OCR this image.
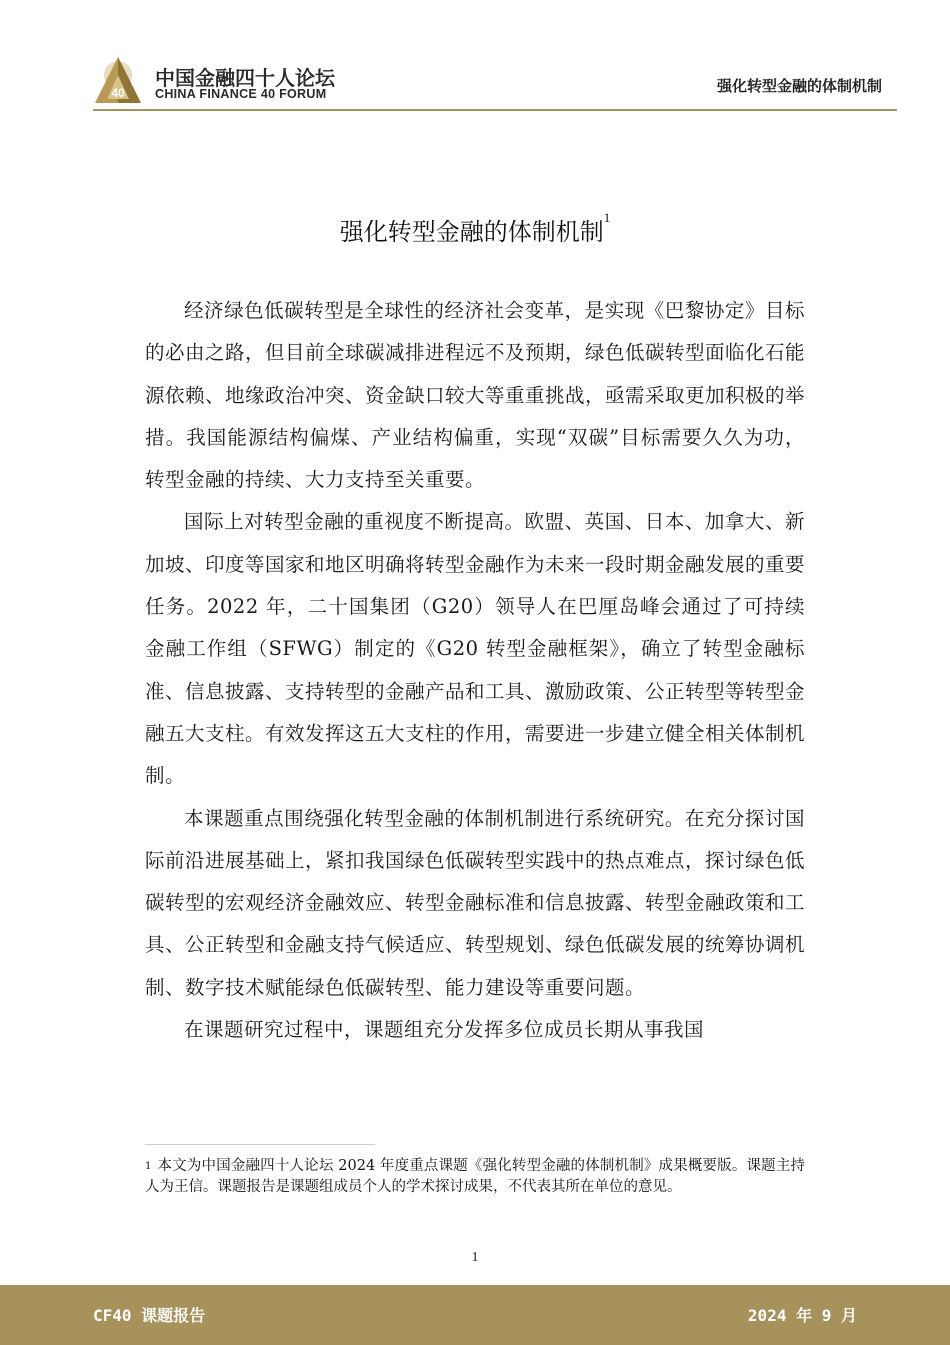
40
中国金融四十人论坛
CHINA FINANCE 40 FORUM	强化转型金融的体制机制
强化转型金融的体制机制$^1$

经济绿色低碳转型是全球性的经济社会变革，是实现《巴黎协定》目标的必由之路，但目前全球碳减排进程远不及预期，绿色低碳转型面临化石能源依赖、地缘政治冲突、资金缺口较大等重重挑战，亟需采取更加积极的举措。我国能源结构偏煤、产业结构偏重，实现“双碳”目标需要久久为功，转型金融的持续、大力支持至关重要。

国际上对转型金融的重视度不断提高。欧盟、英国、日本、加拿大、新加坡、印度等国家和地区明确将转型金融作为未来一段时期金融发展的重要任务。2022 年，二十国集团（G20）领导人在巴厘岛峰会通过了可持续金融工作组（SFWG）制定的《G20 转型金融框架》，确立了转型金融标准、信息披露、支持转型的金融产品和工具、激励政策、公正转型等转型金融五大支柱。有效发挥这五大支柱的作用，需要进一步建立健全相关体制机制。

本课题重点围绕强化转型金融的体制机制进行系统研究。在充分探讨国际前沿进展基础上，紧扣我国绿色低碳转型实践中的热点难点，探讨绿色低碳转型的宏观经济金融效应、转型金融标准和信息披露、转型金融政策和工具、公正转型和金融支持气候适应、转型规划、绿色低碳发展的统筹协调机制、数字技术赋能绿色低碳转型、能力建设等重要问题。

在课题研究过程中，课题组充分发挥多位成员长期从事我国

$^1$ 本文为中国金融四十人论坛 2024 年度重点课题《强化转型金融的体制机制》成果概要版。课题主持人为王信。课题报告是课题组成员个人的学术探讨成果，不代表其所在单位的意见。
1
CF40 课题报告	2024 年 9 月
